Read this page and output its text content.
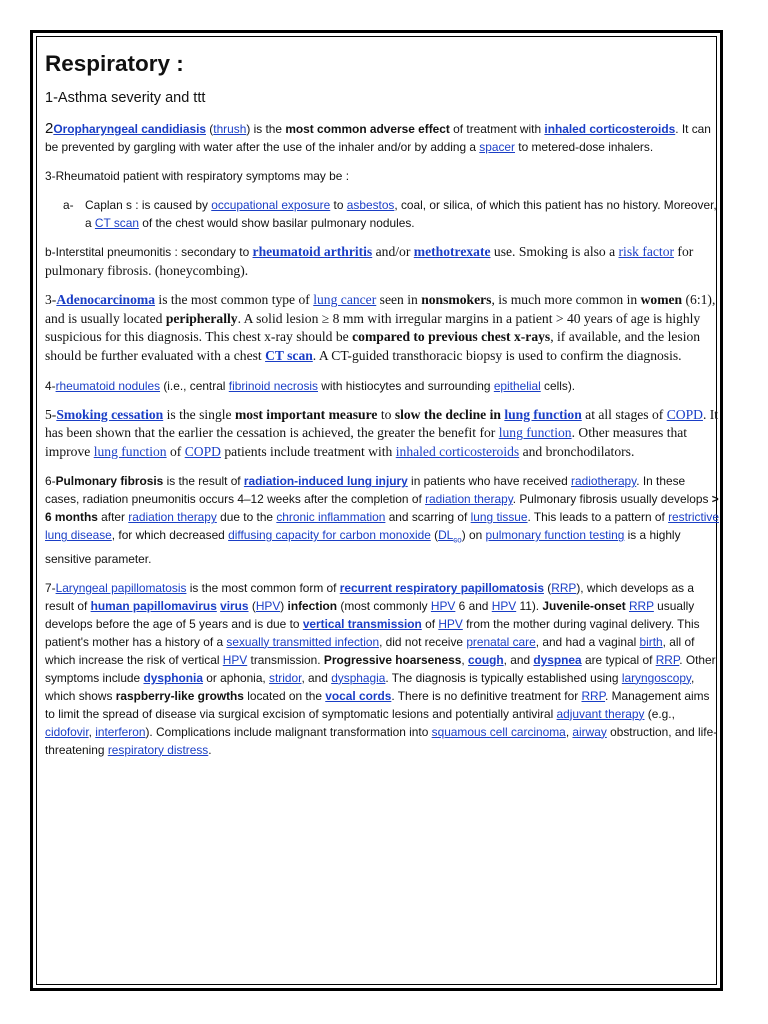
Respiratory :
1-Asthma severity and ttt

2Oropharyngeal candidiasis (thrush) is the most common adverse effect of treatment with inhaled corticosteroids. It can be prevented by gargling with water after the use of the inhaler and/or by adding a spacer to metered-dose inhalers.

3-Rheumatoid patient with respiratory symptoms may be :

a- Caplan s : is caused by occupational exposure to asbestos, coal, or silica, of which this patient has no history. Moreover, a CT scan of the chest would show basilar pulmonary nodules.

b-Interstital pneumonitis : secondary to rheumatoid arthritis and/or methotrexate use. Smoking is also a risk factor for pulmonary fibrosis. (honeycombing).

3-Adenocarcinoma is the most common type of lung cancer seen in nonsmokers, is much more common in women (6:1), and is usually located peripherally. A solid lesion ≥ 8 mm with irregular margins in a patient > 40 years of age is highly suspicious for this diagnosis. This chest x-ray should be compared to previous chest x-rays, if available, and the lesion should be further evaluated with a chest CT scan. A CT-guided transthoracic biopsy is used to confirm the diagnosis.

4-rheumatoid nodules (i.e., central fibrinoid necrosis with histiocytes and surrounding epithelial cells).

5-Smoking cessation is the single most important measure to slow the decline in lung function at all stages of COPD. It has been shown that the earlier the cessation is achieved, the greater the benefit for lung function. Other measures that improve lung function of COPD patients include treatment with inhaled corticosteroids and bronchodilators.

6-Pulmonary fibrosis is the result of radiation-induced lung injury in patients who have received radiotherapy. In these cases, radiation pneumonitis occurs 4–12 weeks after the completion of radiation therapy. Pulmonary fibrosis usually develops > 6 months after radiation therapy due to the chronic inflammation and scarring of lung tissue. This leads to a pattern of restrictive lung disease, for which decreased diffusing capacity for carbon monoxide $(DL_{co})$ on pulmonary function testing is a highly sensitive parameter.

7-Laryngeal papillomatosis is the most common form of recurrent respiratory papillomatosis (RRP), which develops as a result of human papillomavirus virus (HPV) infection (most commonly HPV 6 and HPV 11). Juvenile-onset RRP usually develops before the age of 5 years and is due to vertical transmission of HPV from the mother during vaginal delivery. This patient's mother has a history of a sexually transmitted infection, did not receive prenatal care, and had a vaginal birth, all of which increase the risk of vertical HPV transmission. Progressive hoarseness, cough, and dyspnea are typical of RRP. Other symptoms include dysphonia or aphonia, stridor, and dysphagia. The diagnosis is typically established using laryngoscopy, which shows raspberry-like growths located on the vocal cords. There is no definitive treatment for RRP. Management aims to limit the spread of disease via surgical excision of symptomatic lesions and potentially antiviral adjuvant therapy (e.g., cidofovir, interferon). Complications include malignant transformation into squamous cell carcinoma, airway obstruction, and life-threatening respiratory distress.
